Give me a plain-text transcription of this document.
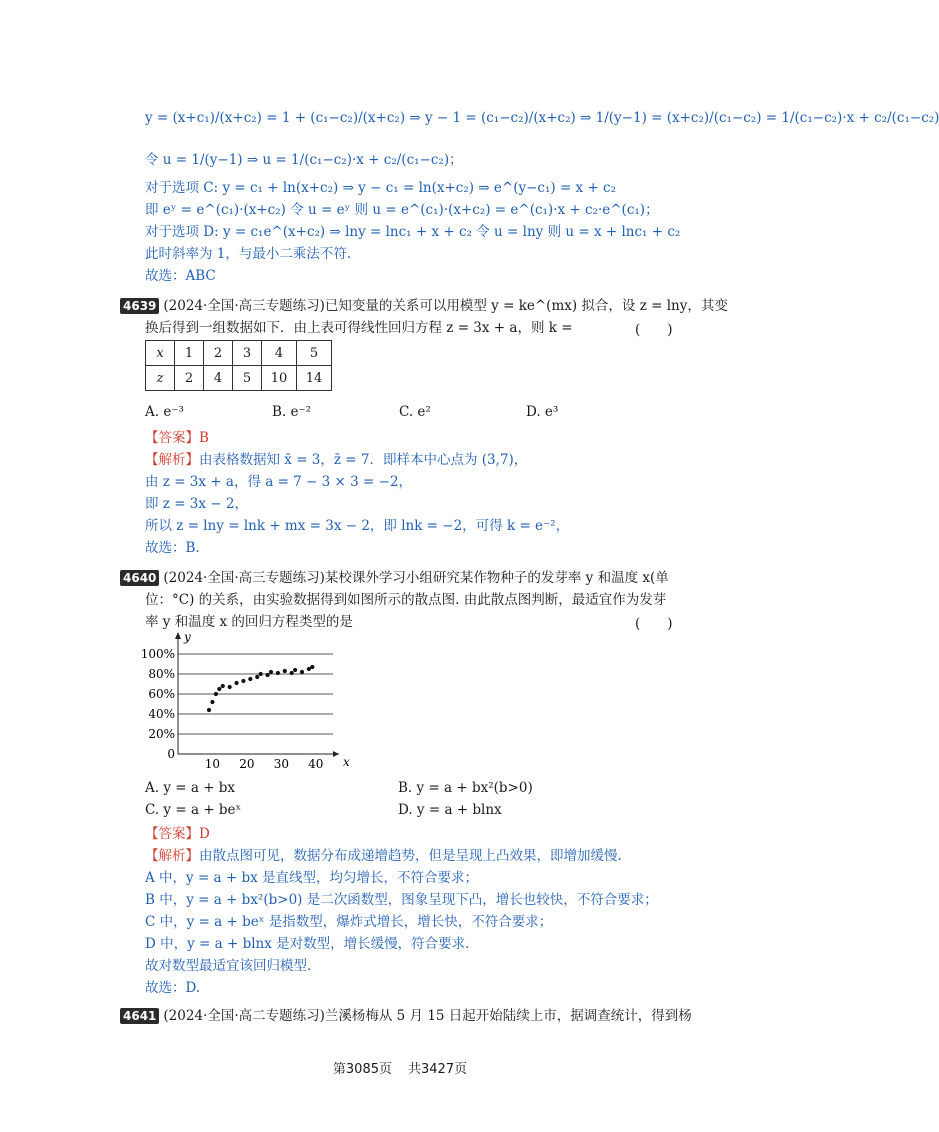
y = (x+c₁)/(x+c₂) = 1 + (c₁−c₂)/(x+c₂) ⇒ y − 1 = (c₁−c₂)/(x+c₂) ⇒ 1/(y−1) = (x+c₂)/(c₁−c₂) = 1/(c₁−c₂)·x + c₂/(c₁−c₂)
令 u = 1/(y−1) ⇒ u = 1/(c₁−c₂)·x + c₂/(c₁−c₂)；
对于选项 C: y = c₁ + ln(x+c₂) ⇒ y − c₁ = ln(x+c₂) ⇒ e^(y−c₁) = x + c₂
即 eʸ = e^(c₁)·(x+c₂) 令 u = eʸ 则 u = e^(c₁)·(x+c₂) = e^(c₁)·x + c₂·e^(c₁)；
对于选项 D: y = c₁e^(x+c₂) ⇒ lny = lnc₁ + x + c₂ 令 u = lny 则 u = x + lnc₁ + c₂
此时斜率为 1，与最小二乘法不符.
故选：ABC
4639 (2024·全国·高三专题练习)已知变量的关系可以用模型 y = ke^(mx) 拟合，设 z = lny，其变
换后得到一组数据如下．由上表可得线性回归方程 z = 3x + a，则 k =	(　　)
x	1	2	3	4	5
z	2	4	5	10	14
A. e⁻³	B. e⁻²	C. e²	D. e³
【答案】B
【解析】由表格数据知 x̄ = 3，z̄ = 7．即样本中心点为 (3,7)，
由 z = 3x + a，得 a = 7 − 3 × 3 = −2，
即 z = 3x − 2，
所以 z = lny = lnk + mx = 3x − 2，即 lnk = −2，可得 k = e⁻²，
故选：B.
4640 (2024·全国·高三专题练习)某校课外学习小组研究某作物种子的发芽率 y 和温度 x(单
位：°C) 的关系，由实验数据得到如图所示的散点图. 由此散点图判断，最适宜作为发芽
率 y 和温度 x 的回归方程类型的是	(　　)
x
y
0
20%
40%
60%
80%
100%
10 20 30 40
A. y = a + bx	B. y = a + bx²(b>0)
C. y = a + beˣ	D. y = a + blnx
【答案】D
【解析】由散点图可见，数据分布成递增趋势，但是呈现上凸效果，即增加缓慢.
A 中，y = a + bx 是直线型，均匀增长，不符合要求；
B 中，y = a + bx²(b>0) 是二次函数型，图象呈现下凸，增长也较快，不符合要求；
C 中，y = a + beˣ 是指数型，爆炸式增长，增长快，不符合要求；
D 中，y = a + blnx 是对数型，增长缓慢，符合要求.
故对数型最适宜该回归模型.
故选：D.
4641 (2024·全国·高二专题练习)兰溪杨梅从 5 月 15 日起开始陆续上市，据调查统计，得到杨
第3085页 共3427页
